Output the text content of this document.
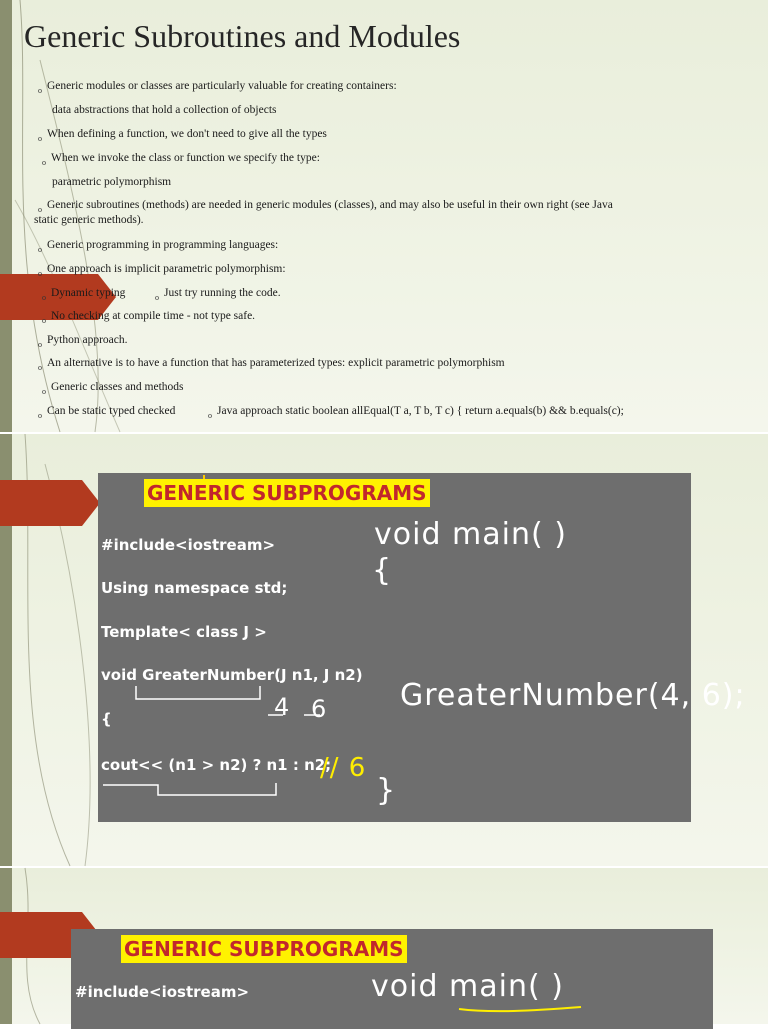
Generic Subroutines and Modules
$_o$ Generic modules or classes are particularly valuable for creating containers:
data abstractions that hold a collection of objects
$_o$ When defining a function, we don't need to give all the types
$_o$ When we invoke the class or function we specify the type:
parametric polymorphism
$_o$ Generic subroutines (methods) are needed in generic modules (classes), and may also be useful in their own right (see Java
static generic methods).
$_o$ Generic programming in programming languages:
$_o$ One approach is implicit parametric polymorphism:
$_o$ Dynamic typing	$_o$ Just try running the code.
$_o$ No checking at compile time - not type safe.
$_o$ Python approach.
$_o$ An alternative is to have a function that has parameterized types: explicit parametric polymorphism
$_o$ Generic classes and methods
$_o$ Can be static typed checked	$_o$ Java approach static boolean allEqual(T a, T b, T c) { return a.equals(b) && b.equals(c);
GENERIC SUBPROGRAMS
#include<iostream>
Using namespace std;
Template< class J >
void GreaterNumber(J n1, J n2)
{
cout<< (n1 > n2) ? n1 : n2;
void main( )
{
GreaterNumber(4, 6);
4 6
// 6
}
GENERIC SUBPROGRAMS
#include<iostream>	void main( )
